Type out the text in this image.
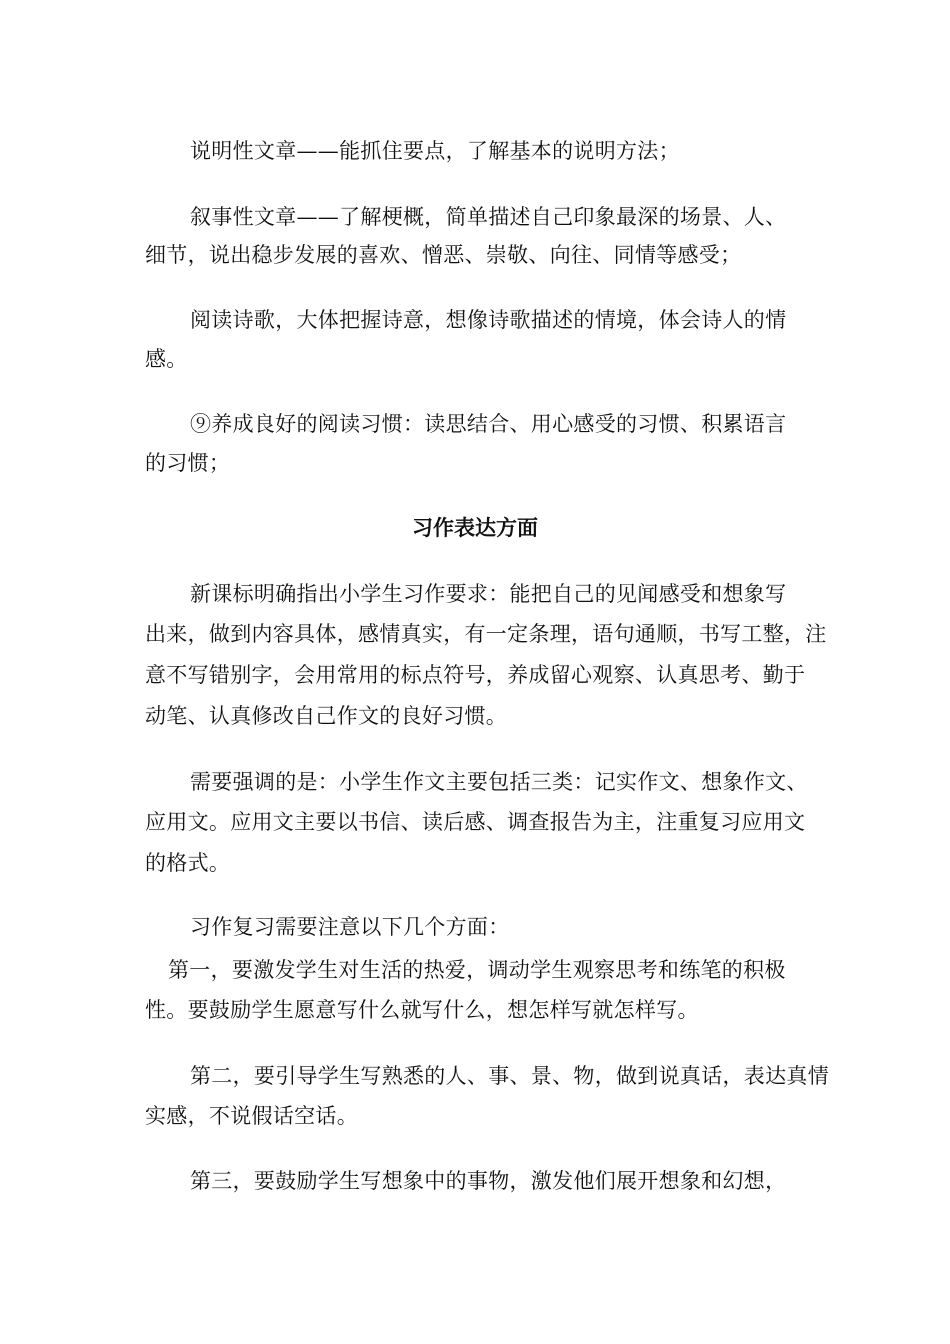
说明性文章——能抓住要点，了解基本的说明方法；
叙事性文章——了解梗概，简单描述自己印象最深的场景、人、
细节，说出稳步发展的喜欢、憎恶、崇敬、向往、同情等感受；
阅读诗歌，大体把握诗意，想像诗歌描述的情境，体会诗人的情
感。
⑨养成良好的阅读习惯：读思结合、用心感受的习惯、积累语言
的习惯；
习作表达方面
新课标明确指出小学生习作要求：能把自己的见闻感受和想象写
出来，做到内容具体，感情真实，有一定条理，语句通顺，书写工整，注
意不写错别字，会用常用的标点符号，养成留心观察、认真思考、勤于
动笔、认真修改自己作文的良好习惯。
需要强调的是：小学生作文主要包括三类：记实作文、想象作文、
应用文。应用文主要以书信、读后感、调查报告为主，注重复习应用文
的格式。
习作复习需要注意以下几个方面：
第一，要激发学生对生活的热爱，调动学生观察思考和练笔的积极
性。要鼓励学生愿意写什么就写什么，想怎样写就怎样写。
第二，要引导学生写熟悉的人、事、景、物，做到说真话，表达真情
实感，不说假话空话。
第三，要鼓励学生写想象中的事物，激发他们展开想象和幻想，
